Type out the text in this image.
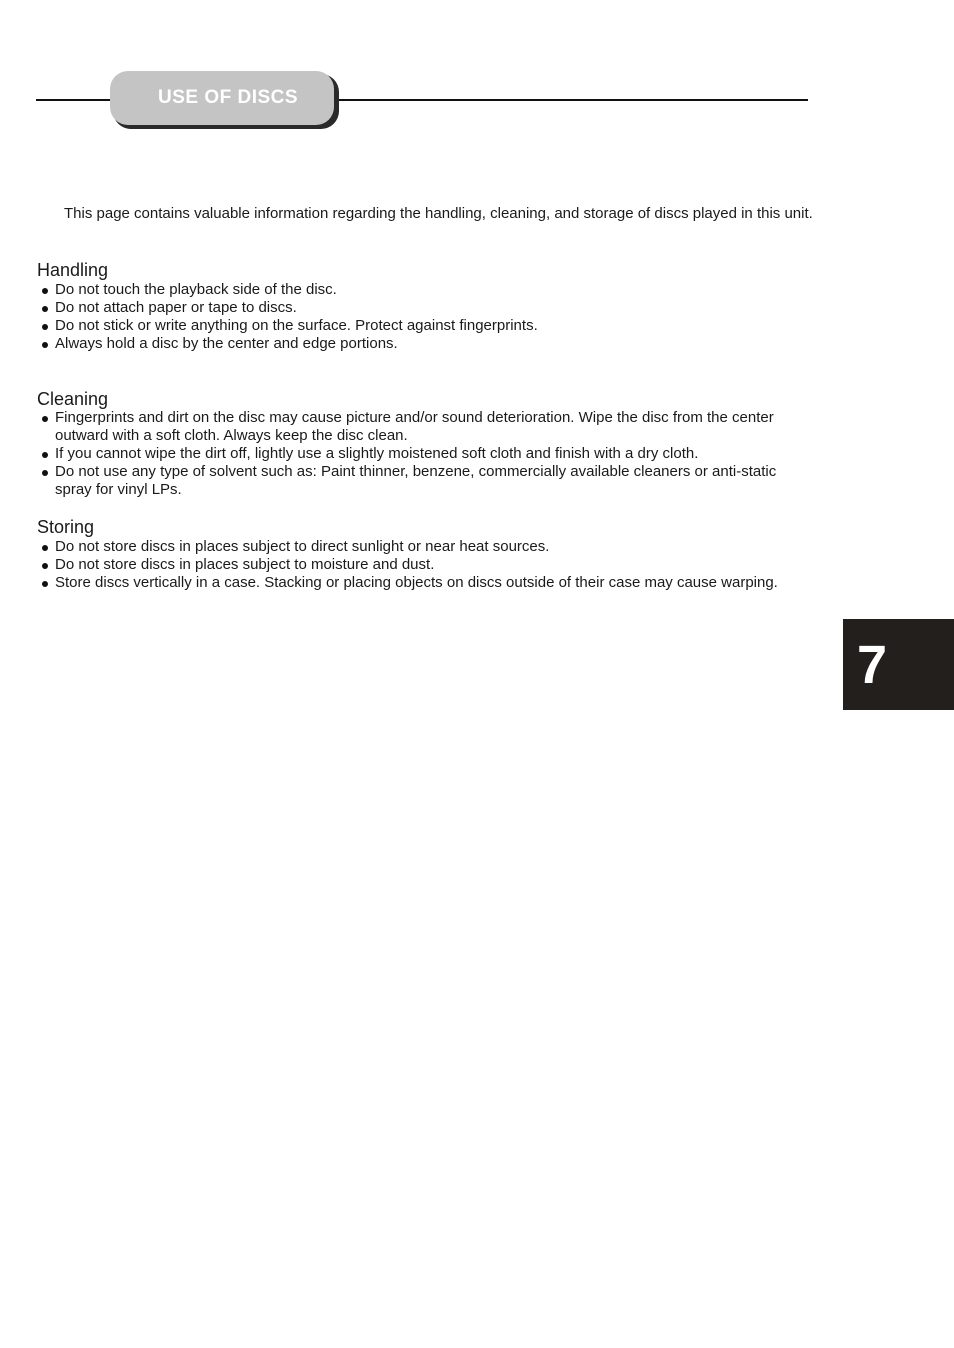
USE OF DISCS

This page contains valuable information regarding the handling, cleaning, and storage of discs played in this unit.

Handling
Do not touch the playback side of the disc.
Do not attach paper or tape to discs.
Do not stick or write anything on the surface. Protect against fingerprints.
Always hold a disc by the center and edge portions.
Cleaning
Fingerprints and dirt on the disc may cause picture and/or sound deterioration. Wipe the disc from the center outward with a soft cloth. Always keep the disc clean.
If you cannot wipe the dirt off, lightly use a slightly moistened soft cloth and finish with a dry cloth.
Do not use any type of solvent such as: Paint thinner, benzene, commercially available cleaners or anti-static spray for vinyl LPs.
Storing
Do not store discs in places subject to direct sunlight or near heat sources.
Do not store discs in places subject to moisture and dust.
Store discs vertically in a case. Stacking or placing objects on discs outside of their case may cause warping.
7
